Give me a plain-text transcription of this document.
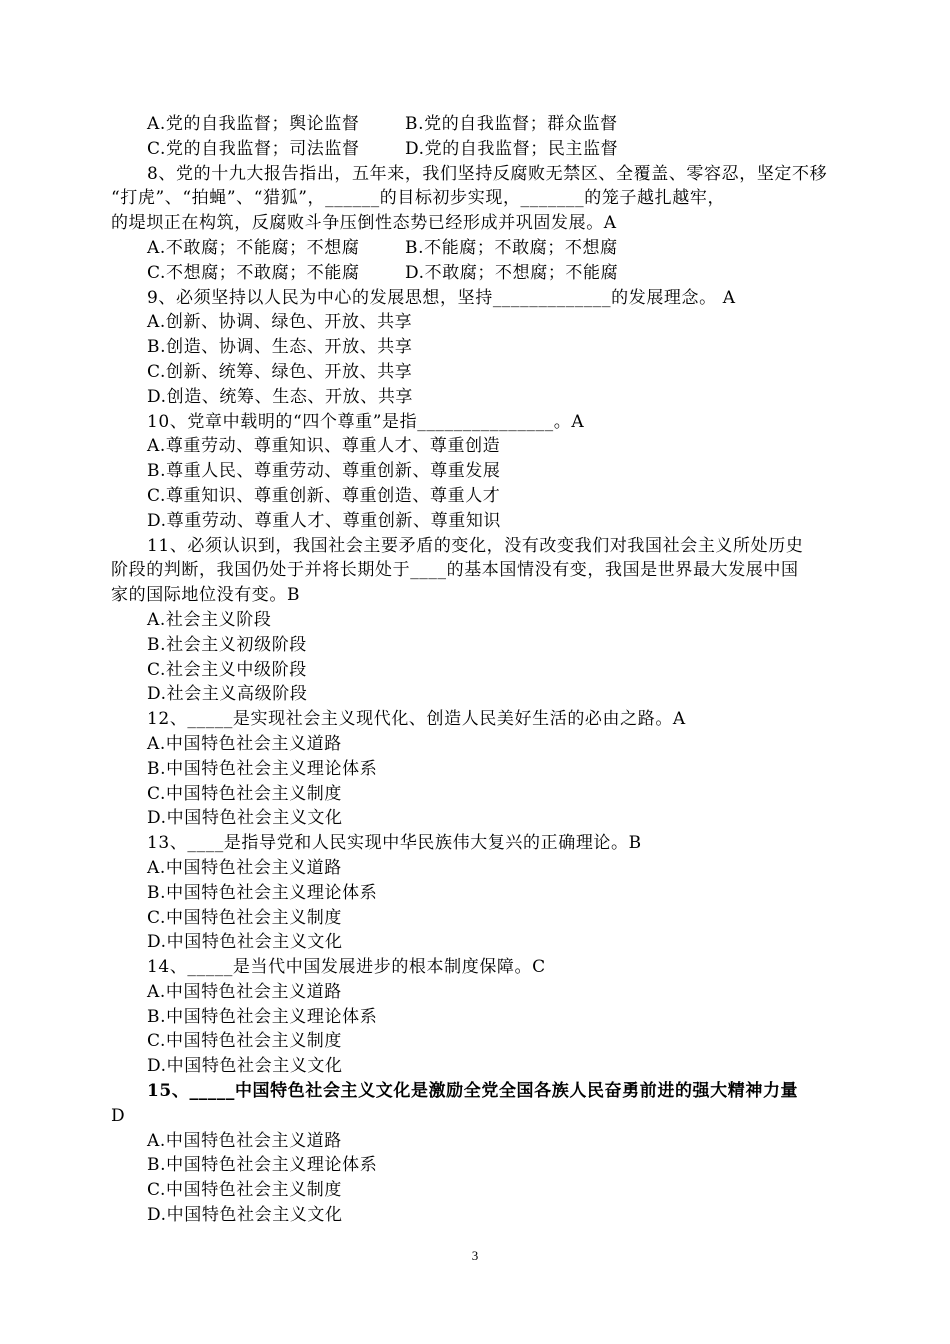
A.党的自我监督；舆论监督	B.党的自我监督；群众监督
C.党的自我监督；司法监督	D.党的自我监督；民主监督
8、党的十九大报告指出，五年来，我们坚持反腐败无禁区、全覆盖、零容忍，坚定不移
“打虎”、“拍蝇”、“猎狐”，______的目标初步实现，_______的笼子越扎越牢，
的堤坝正在构筑，反腐败斗争压倒性态势已经形成并巩固发展。A
A.不敢腐；不能腐；不想腐	B.不能腐；不敢腐；不想腐
C.不想腐；不敢腐；不能腐	D.不敢腐；不想腐；不能腐
9、必须坚持以人民为中心的发展思想，坚持_____________的发展理念。 A
A.创新、协调、绿色、开放、共享
B.创造、协调、生态、开放、共享
C.创新、统筹、绿色、开放、共享
D.创造、统筹、生态、开放、共享
10、党章中载明的“四个尊重”是指_______________。A
A.尊重劳动、尊重知识、尊重人才、尊重创造
B.尊重人民、尊重劳动、尊重创新、尊重发展
C.尊重知识、尊重创新、尊重创造、尊重人才
D.尊重劳动、尊重人才、尊重创新、尊重知识
11、必须认识到，我国社会主要矛盾的变化，没有改变我们对我国社会主义所处历史
阶段的判断，我国仍处于并将长期处于____的基本国情没有变，我国是世界最大发展中国
家的国际地位没有变。B
A.社会主义阶段
B.社会主义初级阶段
C.社会主义中级阶段
D.社会主义高级阶段
12、_____是实现社会主义现代化、创造人民美好生活的必由之路。A
A.中国特色社会主义道路
B.中国特色社会主义理论体系
C.中国特色社会主义制度
D.中国特色社会主义文化
13、____是指导党和人民实现中华民族伟大复兴的正确理论。B
A.中国特色社会主义道路
B.中国特色社会主义理论体系
C.中国特色社会主义制度
D.中国特色社会主义文化
14、_____是当代中国发展进步的根本制度保障。C
A.中国特色社会主义道路
B.中国特色社会主义理论体系
C.中国特色社会主义制度
D.中国特色社会主义文化
15、_____中国特色社会主义文化是激励全党全国各族人民奋勇前进的强大精神力量
D
A.中国特色社会主义道路
B.中国特色社会主义理论体系
C.中国特色社会主义制度
D.中国特色社会主义文化
3
